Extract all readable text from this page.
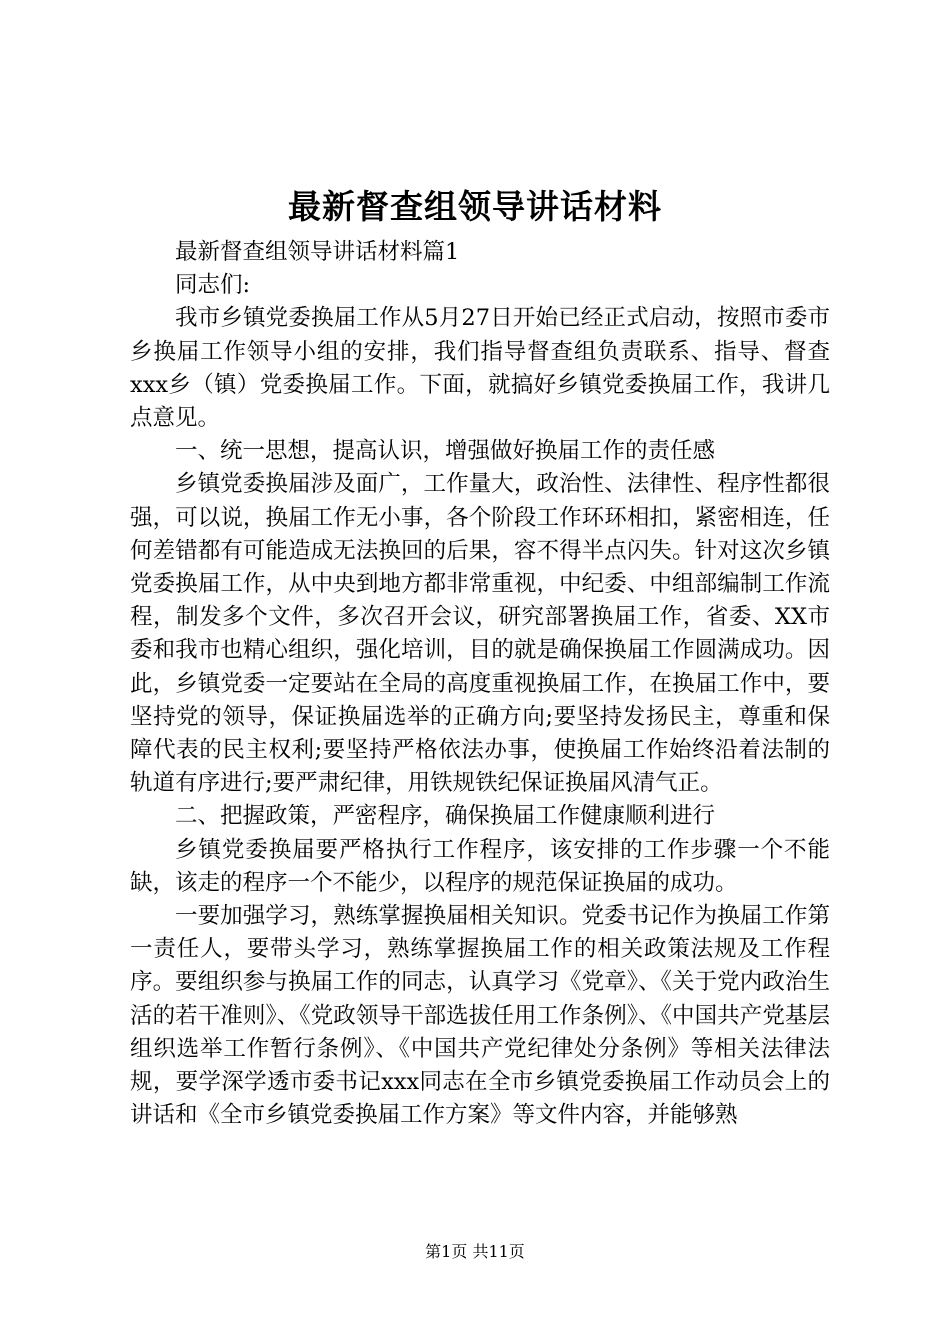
最新督查组领导讲话材料

最新督查组领导讲话材料篇1

同志们:

我市乡镇党委换届工作从5月27日开始已经正式启动，按照市委市乡换届工作领导小组的安排，我们指导督查组负责联系、指导、督查xxx乡（镇）党委换届工作。下面，就搞好乡镇党委换届工作，我讲几点意见。

一、统一思想，提高认识，增强做好换届工作的责任感

乡镇党委换届涉及面广，工作量大，政治性、法律性、程序性都很强，可以说，换届工作无小事，各个阶段工作环环相扣，紧密相连，任何差错都有可能造成无法换回的后果，容不得半点闪失。针对这次乡镇党委换届工作，从中央到地方都非常重视，中纪委、中组部编制工作流程，制发多个文件，多次召开会议，研究部署换届工作，省委、XX市委和我市也精心组织，强化培训，目的就是确保换届工作圆满成功。因此，乡镇党委一定要站在全局的高度重视换届工作，在换届工作中，要坚持党的领导，保证换届选举的正确方向;要坚持发扬民主，尊重和保障代表的民主权利;要坚持严格依法办事，使换届工作始终沿着法制的轨道有序进行;要严肃纪律，用铁规铁纪保证换届风清气正。

二、把握政策，严密程序，确保换届工作健康顺利进行

乡镇党委换届要严格执行工作程序，该安排的工作步骤一个不能缺，该走的程序一个不能少，以程序的规范保证换届的成功。

一要加强学习，熟练掌握换届相关知识。党委书记作为换届工作第一责任人，要带头学习，熟练掌握换届工作的相关政策法规及工作程序。要组织参与换届工作的同志，认真学习《党章》、《关于党内政治生活的若干准则》、《党政领导干部选拔任用工作条例》、《中国共产党基层组织选举工作暂行条例》、《中国共产党纪律处分条例》等相关法律法规，要学深学透市委书记xxx同志在全市乡镇党委换届工作动员会上的讲话和《全市乡镇党委换届工作方案》等文件内容，并能够熟

第1页 共11页
